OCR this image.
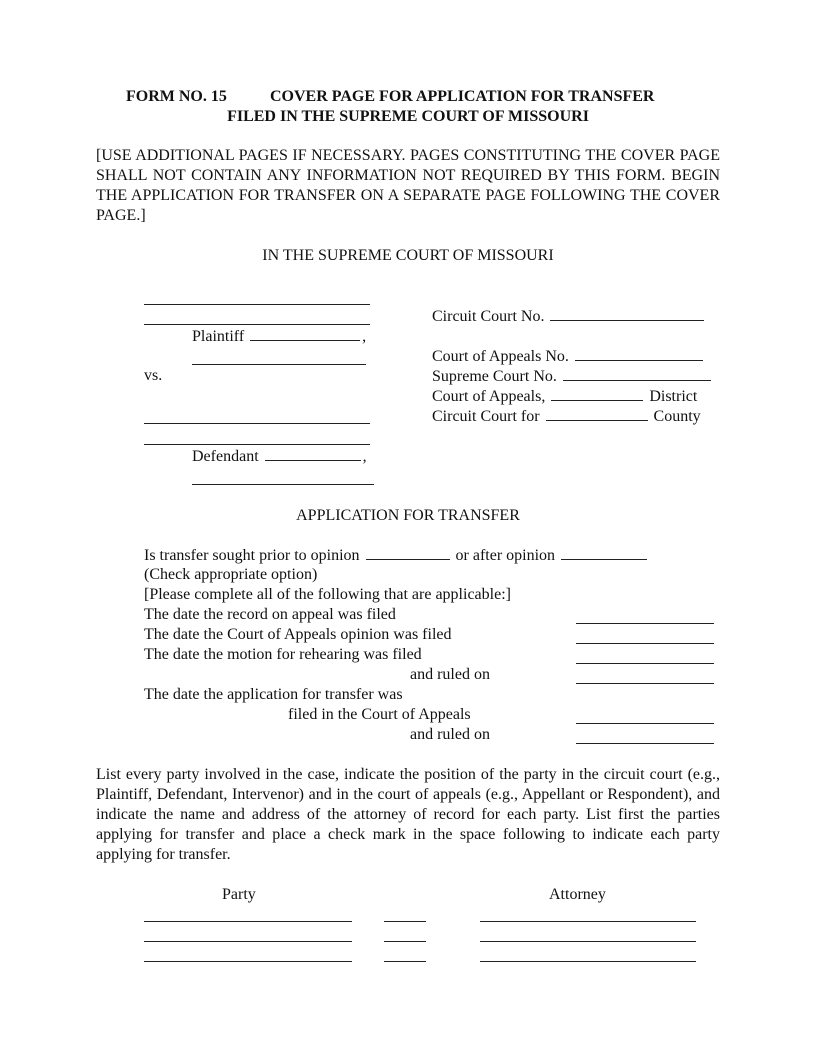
FORM NO. 15	COVER PAGE FOR APPLICATION FOR TRANSFER
FILED IN THE SUPREME COURT OF MISSOURI
[USE ADDITIONAL PAGES IF NECESSARY. PAGES CONSTITUTING THE COVER PAGE SHALL NOT CONTAIN ANY INFORMATION NOT REQUIRED BY THIS FORM. BEGIN THE APPLICATION FOR TRANSFER ON A SEPARATE PAGE FOLLOWING THE COVER PAGE.]
IN THE SUPREME COURT OF MISSOURI
Plaintiff	,
vs.
Defendant	,
Circuit Court No.
Court of Appeals No.
Supreme Court No.
Court of Appeals,	District
Circuit Court for	County
APPLICATION FOR TRANSFER
Is transfer sought prior to opinion	or after opinion
(Check appropriate option)
[Please complete all of the following that are applicable:]
The date the record on appeal was filed
The date the Court of Appeals opinion was filed
The date the motion for rehearing was filed
and ruled on
The date the application for transfer was
filed in the Court of Appeals
and ruled on
List every party involved in the case, indicate the position of the party in the circuit court (e.g., Plaintiff, Defendant, Intervenor) and in the court of appeals (e.g., Appellant or Respondent), and indicate the name and address of the attorney of record for each party. List first the parties applying for transfer and place a check mark in the space following to indicate each party applying for transfer.
Party	Attorney
